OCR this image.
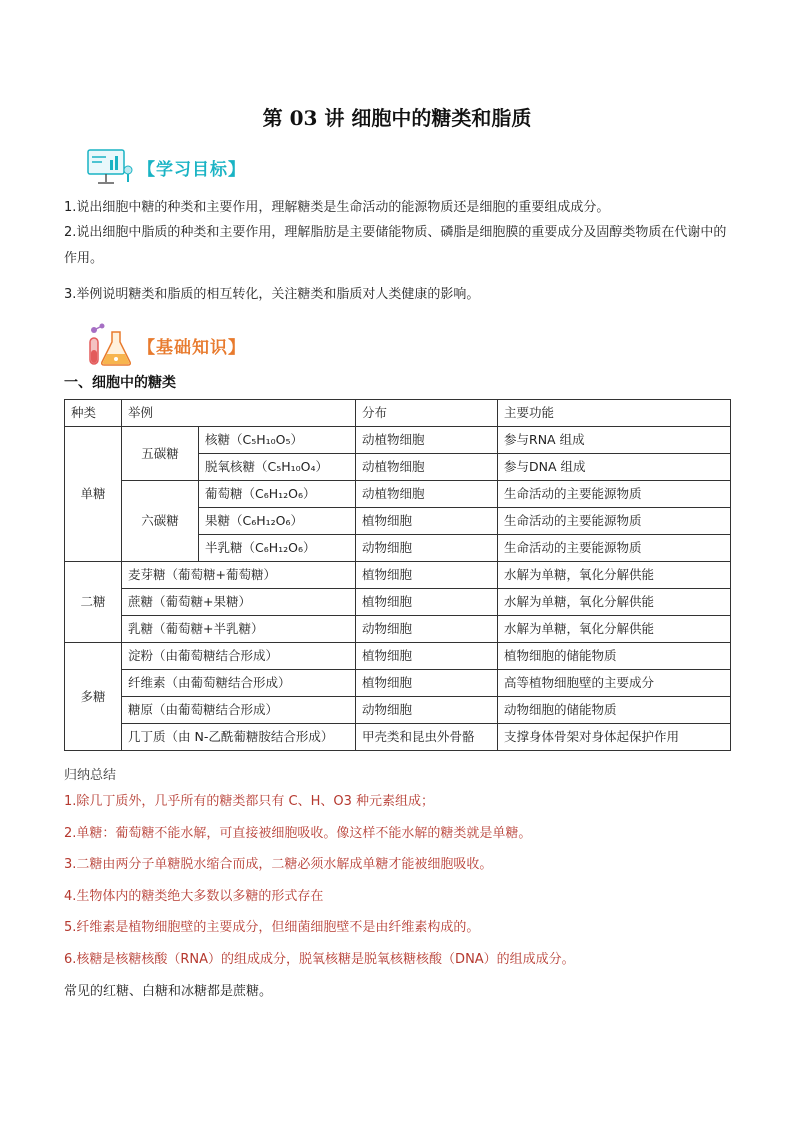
第 03 讲 细胞中的糖类和脂质
【学习目标】
1.说出细胞中糖的种类和主要作用，理解糖类是生命活动的能源物质还是细胞的重要组成成分。
2.说出细胞中脂质的种类和主要作用，理解脂肪是主要储能物质、磷脂是细胞膜的重要成分及固醇类物质在代谢中的作用。
3.举例说明糖类和脂质的相互转化，关注糖类和脂质对人类健康的影响。
【基础知识】
一、细胞中的糖类
种类	举例		分布	主要功能
单糖	五碳糖	核糖（C₅H₁₀O₅）	动植物细胞	参与RNA 组成
		脱氧核糖（C₅H₁₀O₄）	动植物细胞	参与DNA 组成
	六碳糖	葡萄糖（C₆H₁₂O₆）	动植物细胞	生命活动的主要能源物质
		果糖（C₆H₁₂O₆）	植物细胞	生命活动的主要能源物质
		半乳糖（C₆H₁₂O₆）	动物细胞	生命活动的主要能源物质
二糖	麦芽糖（葡萄糖+葡萄糖）		植物细胞	水解为单糖，氧化分解供能
	蔗糖（葡萄糖+果糖）		植物细胞	水解为单糖，氧化分解供能
	乳糖（葡萄糖+半乳糖）		动物细胞	水解为单糖，氧化分解供能
多糖	淀粉（由葡萄糖结合形成）		植物细胞	植物细胞的储能物质
	纤维素（由葡萄糖结合形成）		植物细胞	高等植物细胞壁的主要成分
	糖原（由葡萄糖结合形成）		动物细胞	动物细胞的储能物质
	几丁质（由 N-乙酰葡糖胺结合形成）		甲壳类和昆虫外骨骼	支撑身体骨架对身体起保护作用
归纳总结
1.除几丁质外，几乎所有的糖类都只有 C、H、O3 种元素组成；
2.单糖：葡萄糖不能水解，可直接被细胞吸收。像这样不能水解的糖类就是单糖。
3.二糖由两分子单糖脱水缩合而成，二糖必须水解成单糖才能被细胞吸收。
4.生物体内的糖类绝大多数以多糖的形式存在
5.纤维素是植物细胞壁的主要成分，但细菌细胞壁不是由纤维素构成的。
6.核糖是核糖核酸（RNA）的组成成分，脱氧核糖是脱氧核糖核酸（DNA）的组成成分。
常见的红糖、白糖和冰糖都是蔗糖。
